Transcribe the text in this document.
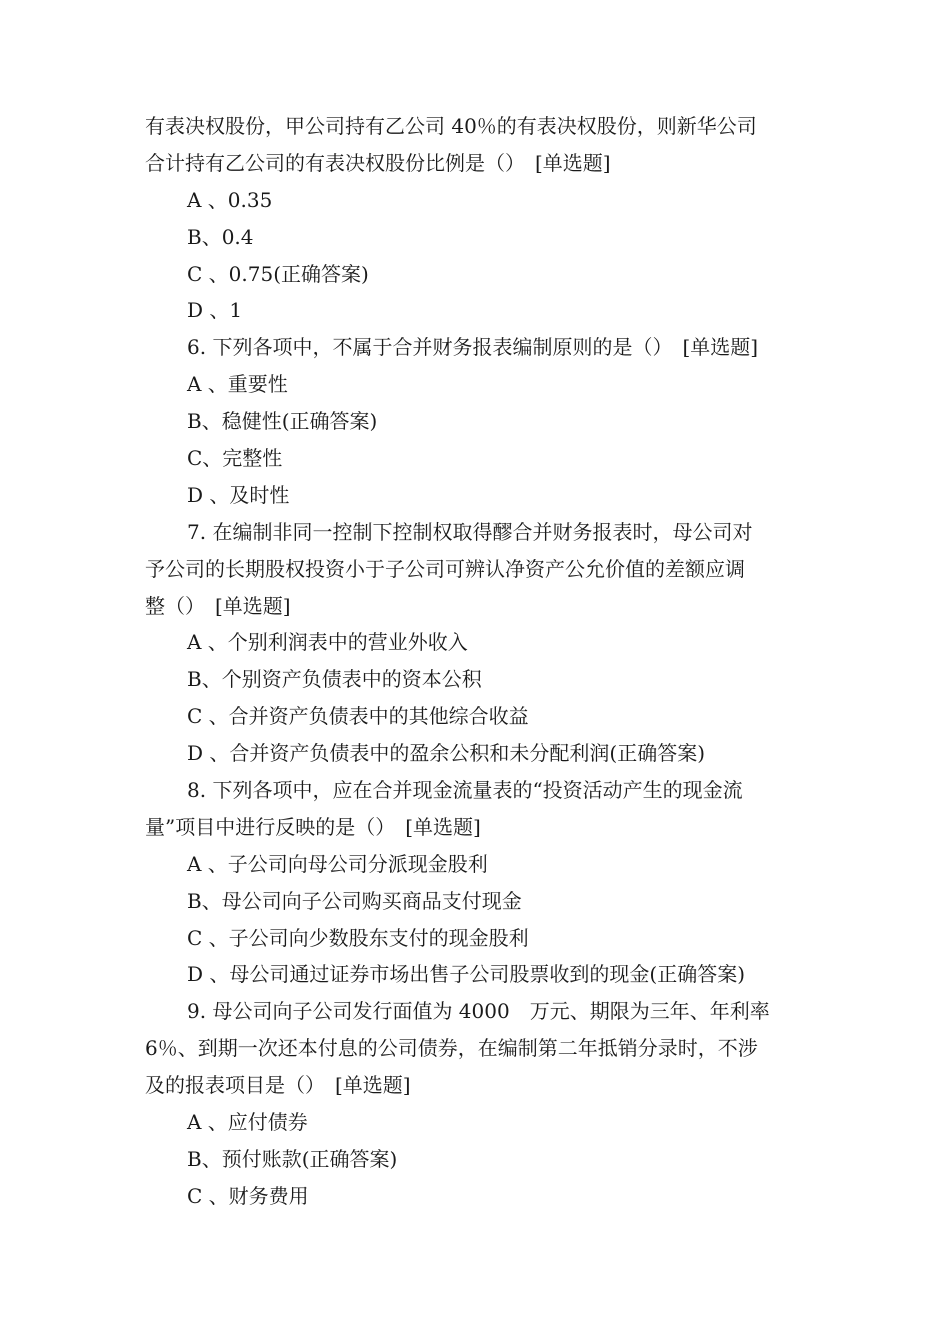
有表决权股份，甲公司持有乙公司 40％的有表决权股份，则新华公司
合计持有乙公司的有表决权股份比例是（）　[单选题]
A 、0.35
B、0.4
C 、0.75(正确答案)
D 、1
6. 下列各项中，不属于合并财务报表编制原则的是（）　[单选题]
A 、重要性
B、稳健性(正确答案)
C、完整性
D 、及时性
7. 在编制非同一控制下控制权取得醪合并财务报表时，母公司对
予公司的长期股权投资小于子公司可辨认净资产公允价值的差额应调
整（）　[单选题]
A 、个别利润表中的营业外收入
B、个别资产负债表中的资本公积
C 、合并资产负债表中的其他综合收益
D 、合并资产负债表中的盈余公积和未分配利润(正确答案)
8. 下列各项中，应在合并现金流量表的“投资活动产生的现金流
量”项目中进行反映的是（）　[单选题]
A 、子公司向母公司分派现金股利
B、母公司向子公司购买商品支付现金
C 、子公司向少数股东支付的现金股利
D 、母公司通过证券市场出售子公司股票收到的现金(正确答案)
9. 母公司向子公司发行面值为 4000　万元、期限为三年、年利率
6％、到期一次还本付息的公司债券，在编制第二年抵销分录时，不涉
及的报表项目是（）　[单选题]
A 、应付债券
B、预付账款(正确答案)
C 、财务费用
